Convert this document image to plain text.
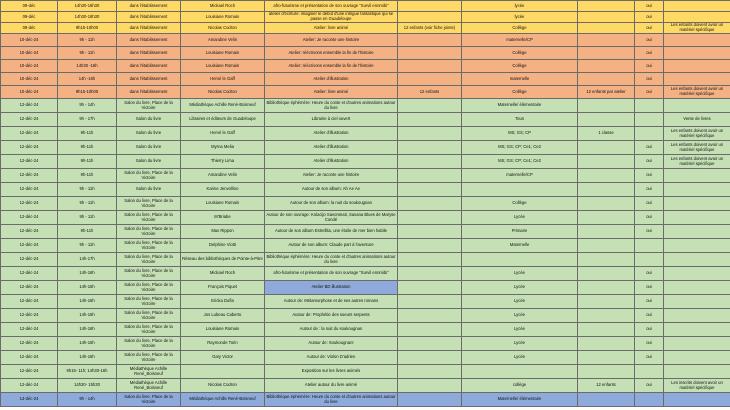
09-déc	14h30-16h30	dans l'établissement	Mickael Roch	afro-futurisme et présentation de son ouvrage "Survil ennmibi"		lycée		oui	
09-déc	14h30-16h30	dans l'établissement	Louisiane Romain	atelier d'écriture: imaginer le début d'une intrigue fantastique qui se passe en Guadeloupe		lycée		oui	
09-déc	9h15-10h00	dans l'établissement	Nicolas Codron	Atelier: livre animé	12 enfants (voir fiche jointe)	Collège		oui	Les enfants doivent avoir un matériel spécifique
10-déc-24	9h - 11h	dans l'établissement	Amandine Velin	Atelier: Je raconte une histoire		maternelle/CP		oui	
10-déc-24	9h - 11h	dans l'établissement	Louisiane Romain	Atelier: réécrivons ensemble la fin de l'histoire		Collège		oui	
10-déc-24	14h30 -16h	dans l'établissement	Louisiane Romain	Atelier: réécrivons ensemble la fin de l'histoire		Collège		oui	
10-déc-24	14h -16h	dans l'établissement	Hervé le Gaff	Atelier d'illustration		maternelle		oui	
10-déc-24	9h15-10h00	dans l'établissement	Nicolas Codron	Atelier: livre animé	12 enfants	Collège	12 enfants par atelier	oui	Les enfants doivent avoir un matériel spécifique
12-déc-24	9h - 14h	Salon du livre, Place de la Victoire	Médiathèque Achille René-Boisneuf	Bibliothèque éphémère: Heure du conte et d'autres animations autour du livre		Maternelle/ élémentaire			
12-déc-24	9h - 17h	Salon du livre	Libraires et éditeurs de Guadeloupe	Librairie à ciel ouvert		Tous			Vente de livres
12-déc-24	9h-11h	Salon du livre	Hervé le Gaff	Atelier d'illustration		MS; GS; CP	1 classe		Les enfants doivent avoir un matériel spécifique
12-déc-24	9h-11h	Salon du livre	Myrna Melia	Atelier d'illustration		MS; GS; CP; Ce1; Ce2		oui	Les enfants doivent avoir un matériel spécifique
12-déc-24	9h-11h	Salon du livre	Thierry Lima	Atelier d'illustration		MS; GS; CP; Ce1; Ce2		oui	Les enfants doivent avoir un matériel spécifique
12-déc-24	9h-11h	Salon du livre, Place de la Victoire	Amandine Velin	Atelier: Je raconte une histoire		maternelle/CP		oui	
12-déc-24	9h - 11h	Salon du livre	Karine Jenvollino	Autour de son album: Ah Ae Ae				oui	
12-déc-24	9h - 11h	Salon du livre, Place de la Victoire	Louisiane Romain	Autour de son album: la nuit du soukougnan		Collège		oui	
12-déc-24	9h - 11h	Salon du livre, Place de la Victoire	M'Briabe	Autour de son ouvrage: Kolacijo Savonmati, Savana Blues de Maryse Condé		Lycée		oui	
12-déc-24	9h-11h	Salon du livre, Place de la Victoire	Max Rippon	Autour de son album Estrellita, une étoile de mer bien habile		Primaire		oui	
12-déc-24	9h - 11h	Salon du livre, Place de la Victoire	Delphine Viotti	Autour de son album: Claude part à l'aventure		Maternelle			
12-déc-24	14h-17h	Salon du livre, Place de la Victoire	Réseau des bibliothèques de Pointe-à-Pitre	Bibliothèque éphémère: Heure du conte et d'autres animations autour du livre					
12-déc-24	14h-16h	Salon du livre, Place de la Victoire	Mickael Roch	afro-futurisme et présentation de son ouvrage "Survil ennmibi"		Lycée		oui	
12-déc-24	14h-16h	Salon du livre, Place de la Victoire	François Piquet	Atelier BD illustration		Lycée		oui	
12-déc-24	14h-16h	Salon du livre, Place de la Victoire	Ericka Dufla	Autour de: Métamorphose et de ses autres romans		Lycée		oui	
12-déc-24	14h-16h	Salon du livre, Place de la Victoire	Jos Lubeau Caberto	Autour de: Prophétie des soeurs serpents		Lycée		oui	
12-déc-24	14h-16h	Salon du livre, Place de la Victoire	Louisiane Romain	Autour de : la nuit du soukougnan		Lycée		oui	
12-déc-24	14h-16h	Salon du livre, Place de la Victoire	Raymonde Torin	Autour de: Soukougnan!		Lycée		oui	
12-déc-24	14h-16h	Salon du livre, Place de la Victoire	Gary Victor	Autour de: Violon D'adrien		Lycée		oui	
12-déc-24	9h15- 11h; 14h30-16h	Médiathèque Achille René_Boisneuf		Exposition sur les livres animés					
12-déc-24	14h30- 15h30	Médiathèque Achille René_Boisneuf	Nicolas Codron	Atelier autour du livre animé		collège	12 enfants	oui	Les inscrits doivent avoir un matériel spécifique
13-déc-24	9h - 14h	Salon du livre, Place de la Victoire	Médiathèque Achille René-Boisneuf	Bibliothèque éphémère: Heure du conte et d'autres animations autour du livre		Maternelle/ élémentaire			
